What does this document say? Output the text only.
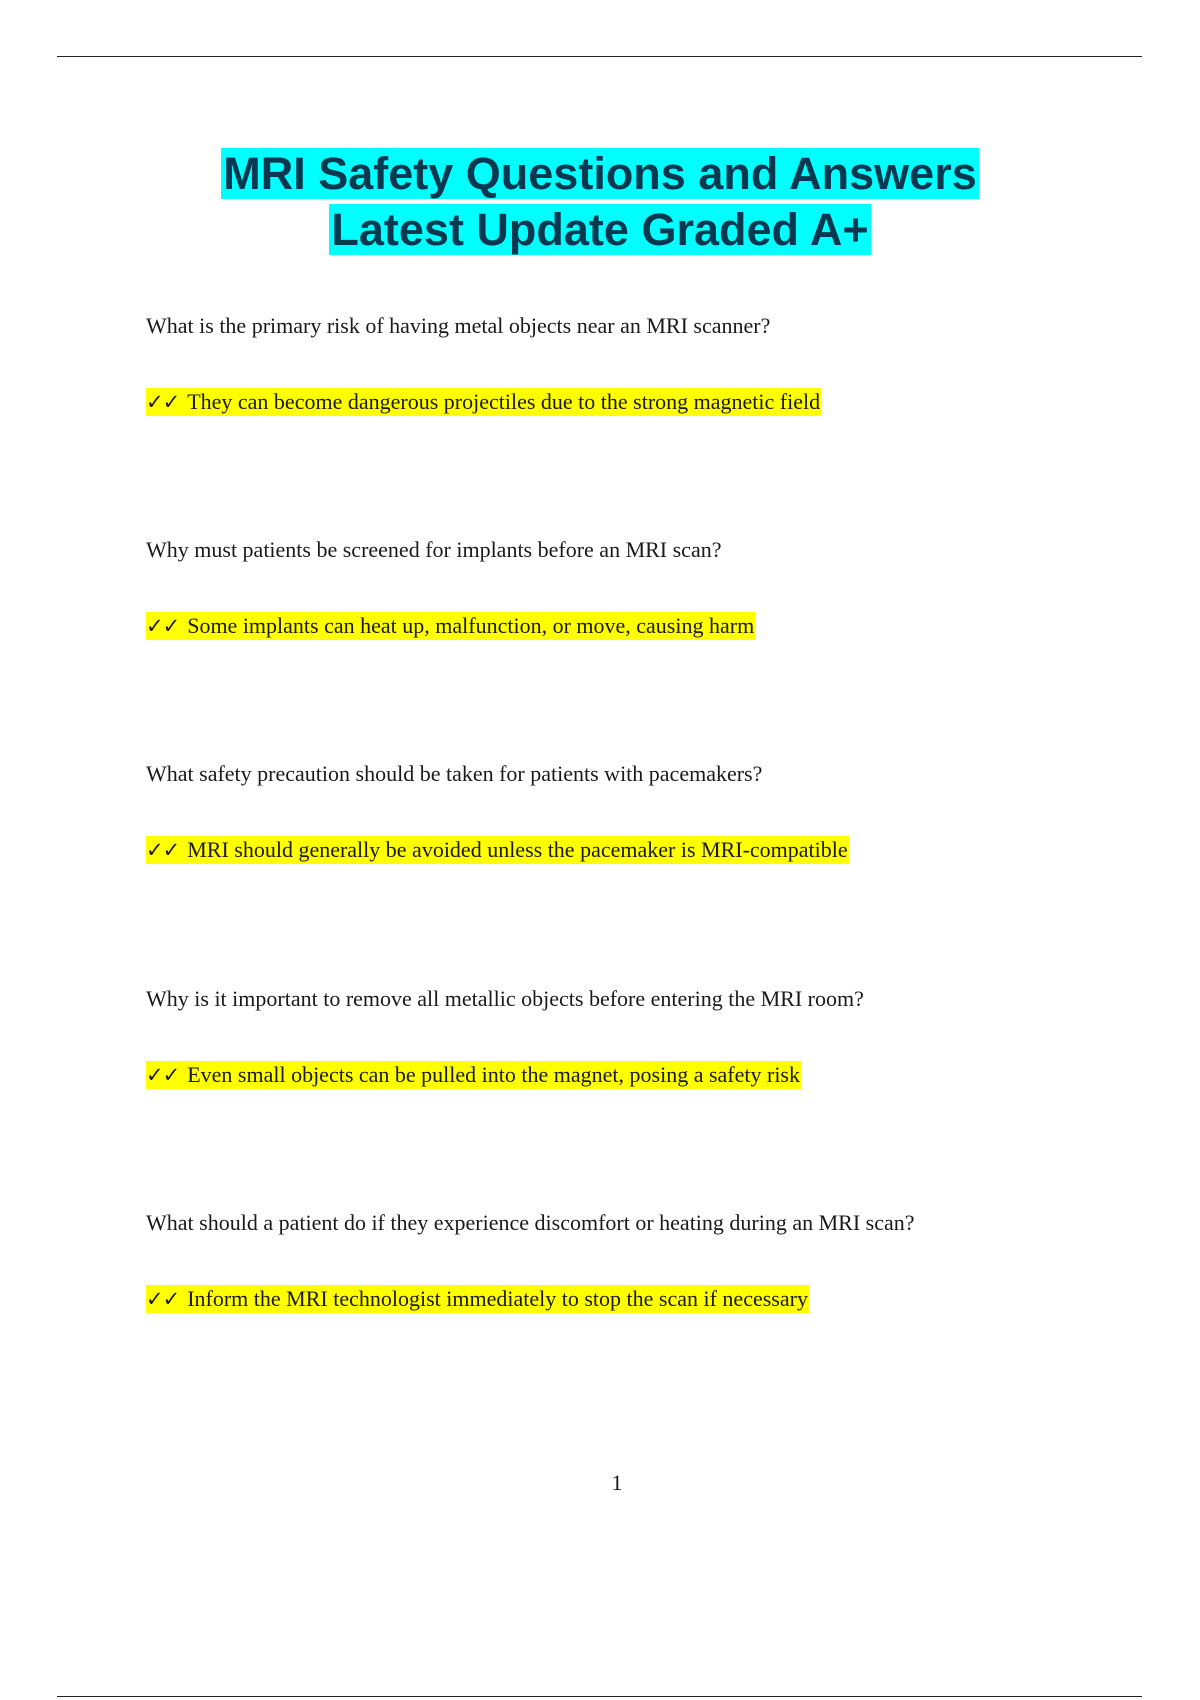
MRI Safety Questions and Answers
Latest Update Graded A+

What is the primary risk of having metal objects near an MRI scanner?

✓✓ They can become dangerous projectiles due to the strong magnetic field

Why must patients be screened for implants before an MRI scan?

✓✓ Some implants can heat up, malfunction, or move, causing harm

What safety precaution should be taken for patients with pacemakers?

✓✓ MRI should generally be avoided unless the pacemaker is MRI-compatible

Why is it important to remove all metallic objects before entering the MRI room?

✓✓ Even small objects can be pulled into the magnet, posing a safety risk

What should a patient do if they experience discomfort or heating during an MRI scan?

✓✓ Inform the MRI technologist immediately to stop the scan if necessary
1
